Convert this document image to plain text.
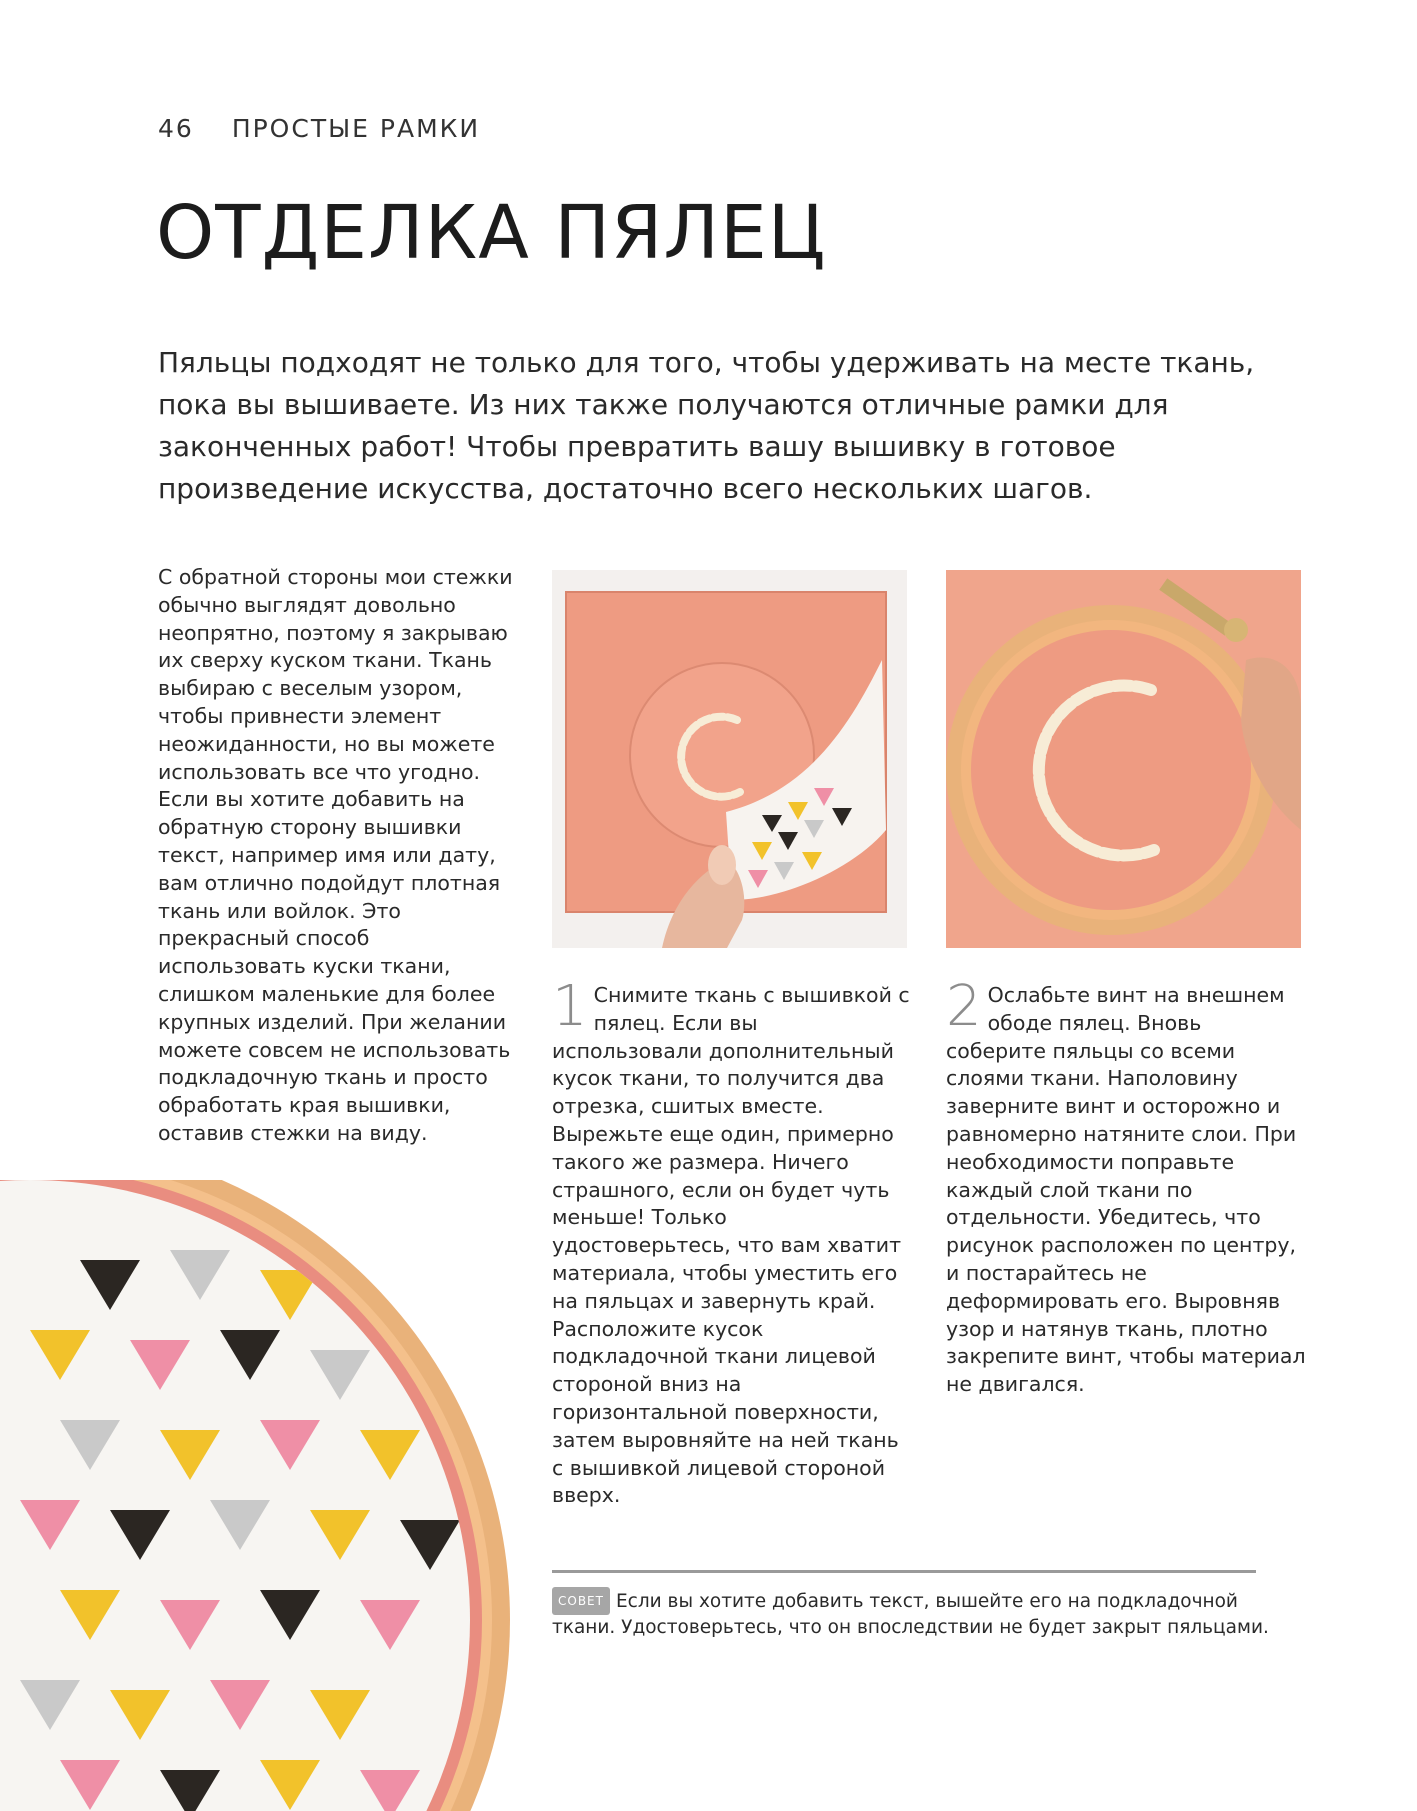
46 ПРОСТЫЕ РАМКИ
ОТДЕЛКА ПЯЛЕЦ

Пяльцы подходят не только для того, чтобы удерживать на месте ткань, пока вы вышиваете. Из них также получаются отличные рамки для законченных работ! Чтобы превратить вашу вышивку в готовое произведение искусства, достаточно всего нескольких шагов.

С обратной стороны мои стежки обычно выглядят довольно неопрятно, поэтому я закрываю их сверху куском ткани. Ткань выбираю с веселым узором, чтобы привнести элемент неожиданности, но вы можете использовать все что угодно. Если вы хотите добавить на обратную сторону вышивки текст, например имя или дату, вам отлично подойдут плотная ткань или войлок. Это прекрасный способ использовать куски ткани, слишком маленькие для более крупных изделий. При желании можете совсем не использовать подкладочную ткань и просто обработать края вышивки, оставив стежки на виду.

1 Снимите ткань с вышивкой с пялец. Если вы использовали дополнительный кусок ткани, то получится два отрезка, сшитых вместе. Вырежьте еще один, примерно такого же размера. Ничего страшного, если он будет чуть меньше! Только удостоверьтесь, что вам хватит материала, чтобы уместить его на пяльцах и завернуть край. Расположите кусок подкладочной ткани лицевой стороной вниз на горизонтальной поверхности, затем выровняйте на ней ткань с вышивкой лицевой стороной вверх.
2 Ослабьте винт на внешнем ободе пялец. Вновь соберите пяльцы со всеми слоями ткани. Наполовину заверните винт и осторожно и равномерно натяните слои. При необходимости поправьте каждый слой ткани по отдельности. Убедитесь, что рисунок расположен по центру, и постарайтесь не деформировать его. Выровняв узор и натянув ткань, плотно закрепите винт, чтобы материал не двигался.

СОВЕТ Если вы хотите добавить текст, вышейте его на подкладочной ткани. Удостоверьтесь, что он впоследствии не будет закрыт пяльцами.
